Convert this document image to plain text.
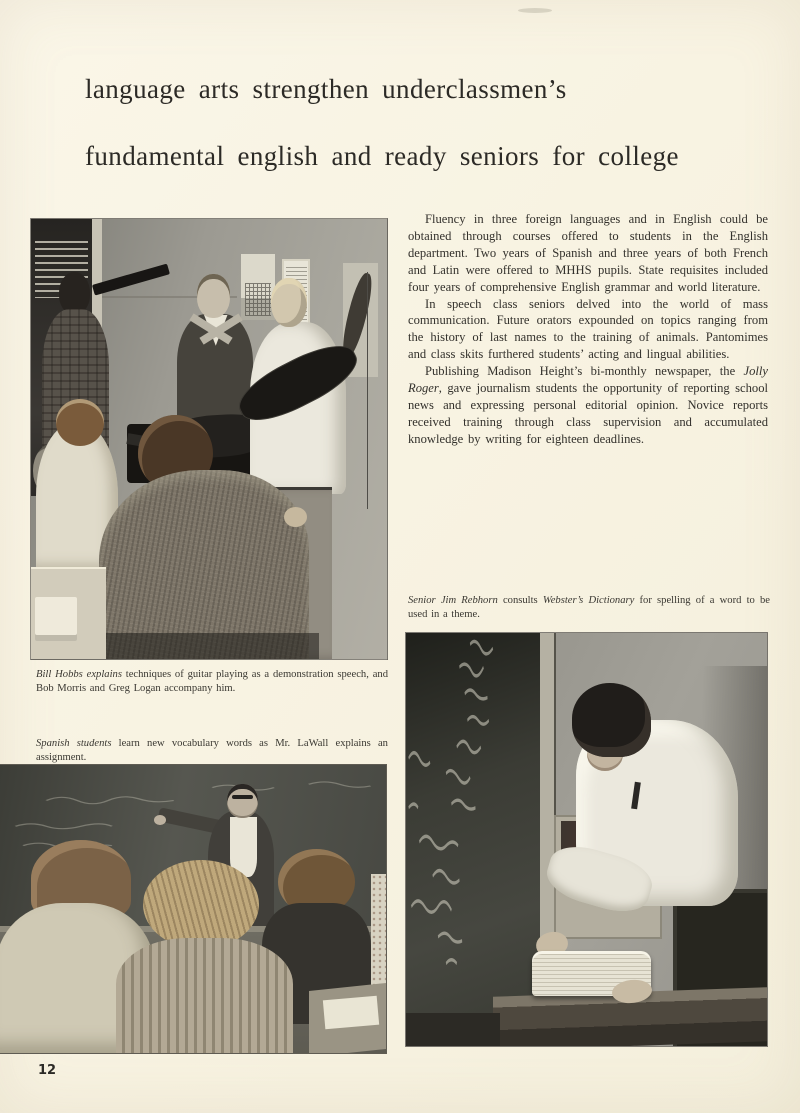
language arts strengthen underclassmen’s
fundamental english and ready seniors for college

Fluency in three foreign languages and in English could be obtained through courses offered to students in the English department. Two years of Spanish and three years of both French and Latin were offered to MHHS pupils. State requisites included four years of comprehensive English grammar and world literature.

In speech class seniors delved into the world of mass communication. Future orators expounded on topics ranging from the history of last names to the training of animals. Pantomimes and class skits furthered students’ acting and lingual abilities.

Publishing Madison Height’s bi-monthly newspaper, the Jolly Roger, gave journalism students the opportunity of reporting school news and expressing personal editorial opinion. Novice reports received training through class supervision and accumulated knowledge by writing for eighteen deadlines.

Senior Jim Rebhorn consults Webster’s Dictionary for spelling of a word to be used in a theme.
Bill Hobbs explains techniques of guitar playing as a demonstration speech, and Bob Morris and Greg Logan accompany him.
Spanish students learn new vocabulary words as Mr. LaWall explains an assignment.
12
